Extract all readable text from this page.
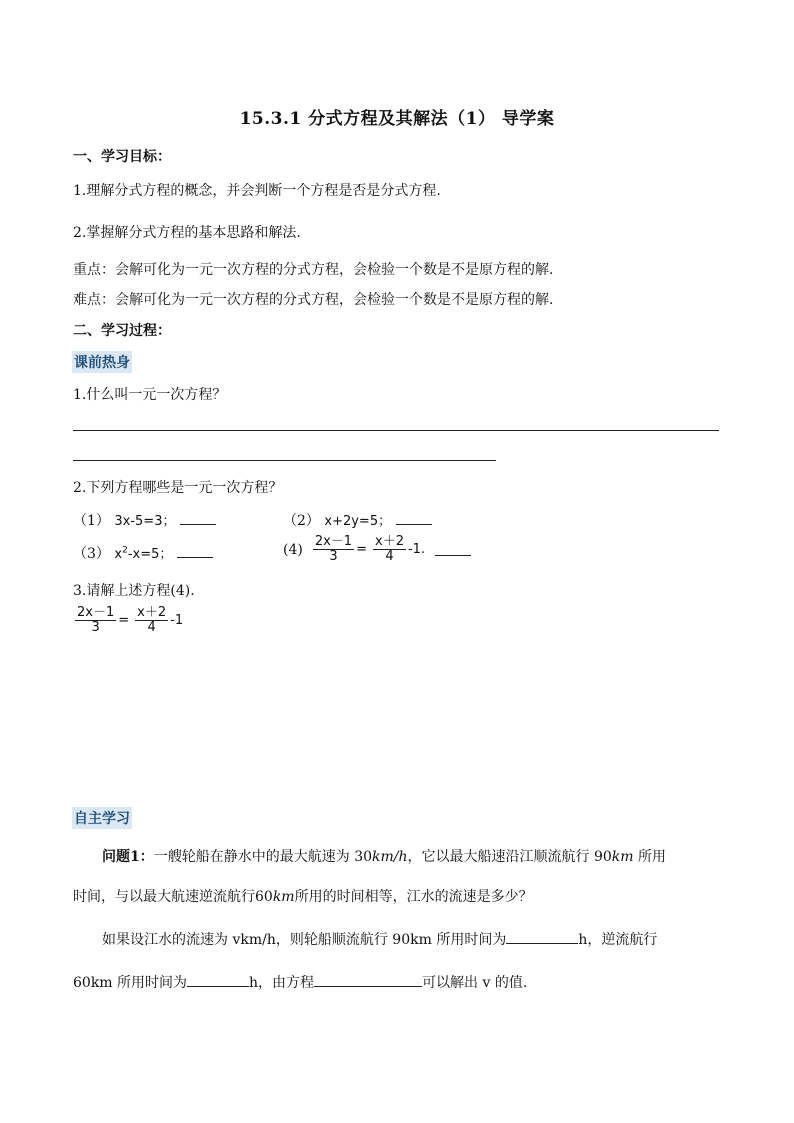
15.3.1 分式方程及其解法（1） 导学案
一、学习目标：
1.理解分式方程的概念，并会判断一个方程是否是分式方程.
2.掌握解分式方程的基本思路和解法.
重点：会解可化为一元一次方程的分式方程，会检验一个数是不是原方程的解.
难点：会解可化为一元一次方程的分式方程，会检验一个数是不是原方程的解.
二、学习过程：
课前热身
1.什么叫一元一次方程？
2.下列方程哪些是一元一次方程？
（1） 3x-5=3；	（2） x+2y=5；
（3） $x^2-x=5$；	$(4) \frac{2x-1}{3} = \frac{x+2}{4} -1$.
3.请解上述方程(4).
$\frac{2x-1}{3} = \frac{x+2}{4} -1$
自主学习
问题1：一艘轮船在静水中的最大航速为 30km/h，它以最大船速沿江顺流航行 90km 所用
时间，与以最大航速逆流航行60km所用的时间相等，江水的流速是多少？
如果设江水的流速为 vkm/h，则轮船顺流航行 90km 所用时间为	h，逆流航行
60km 所用时间为	h，由方程	可以解出 v 的值.
